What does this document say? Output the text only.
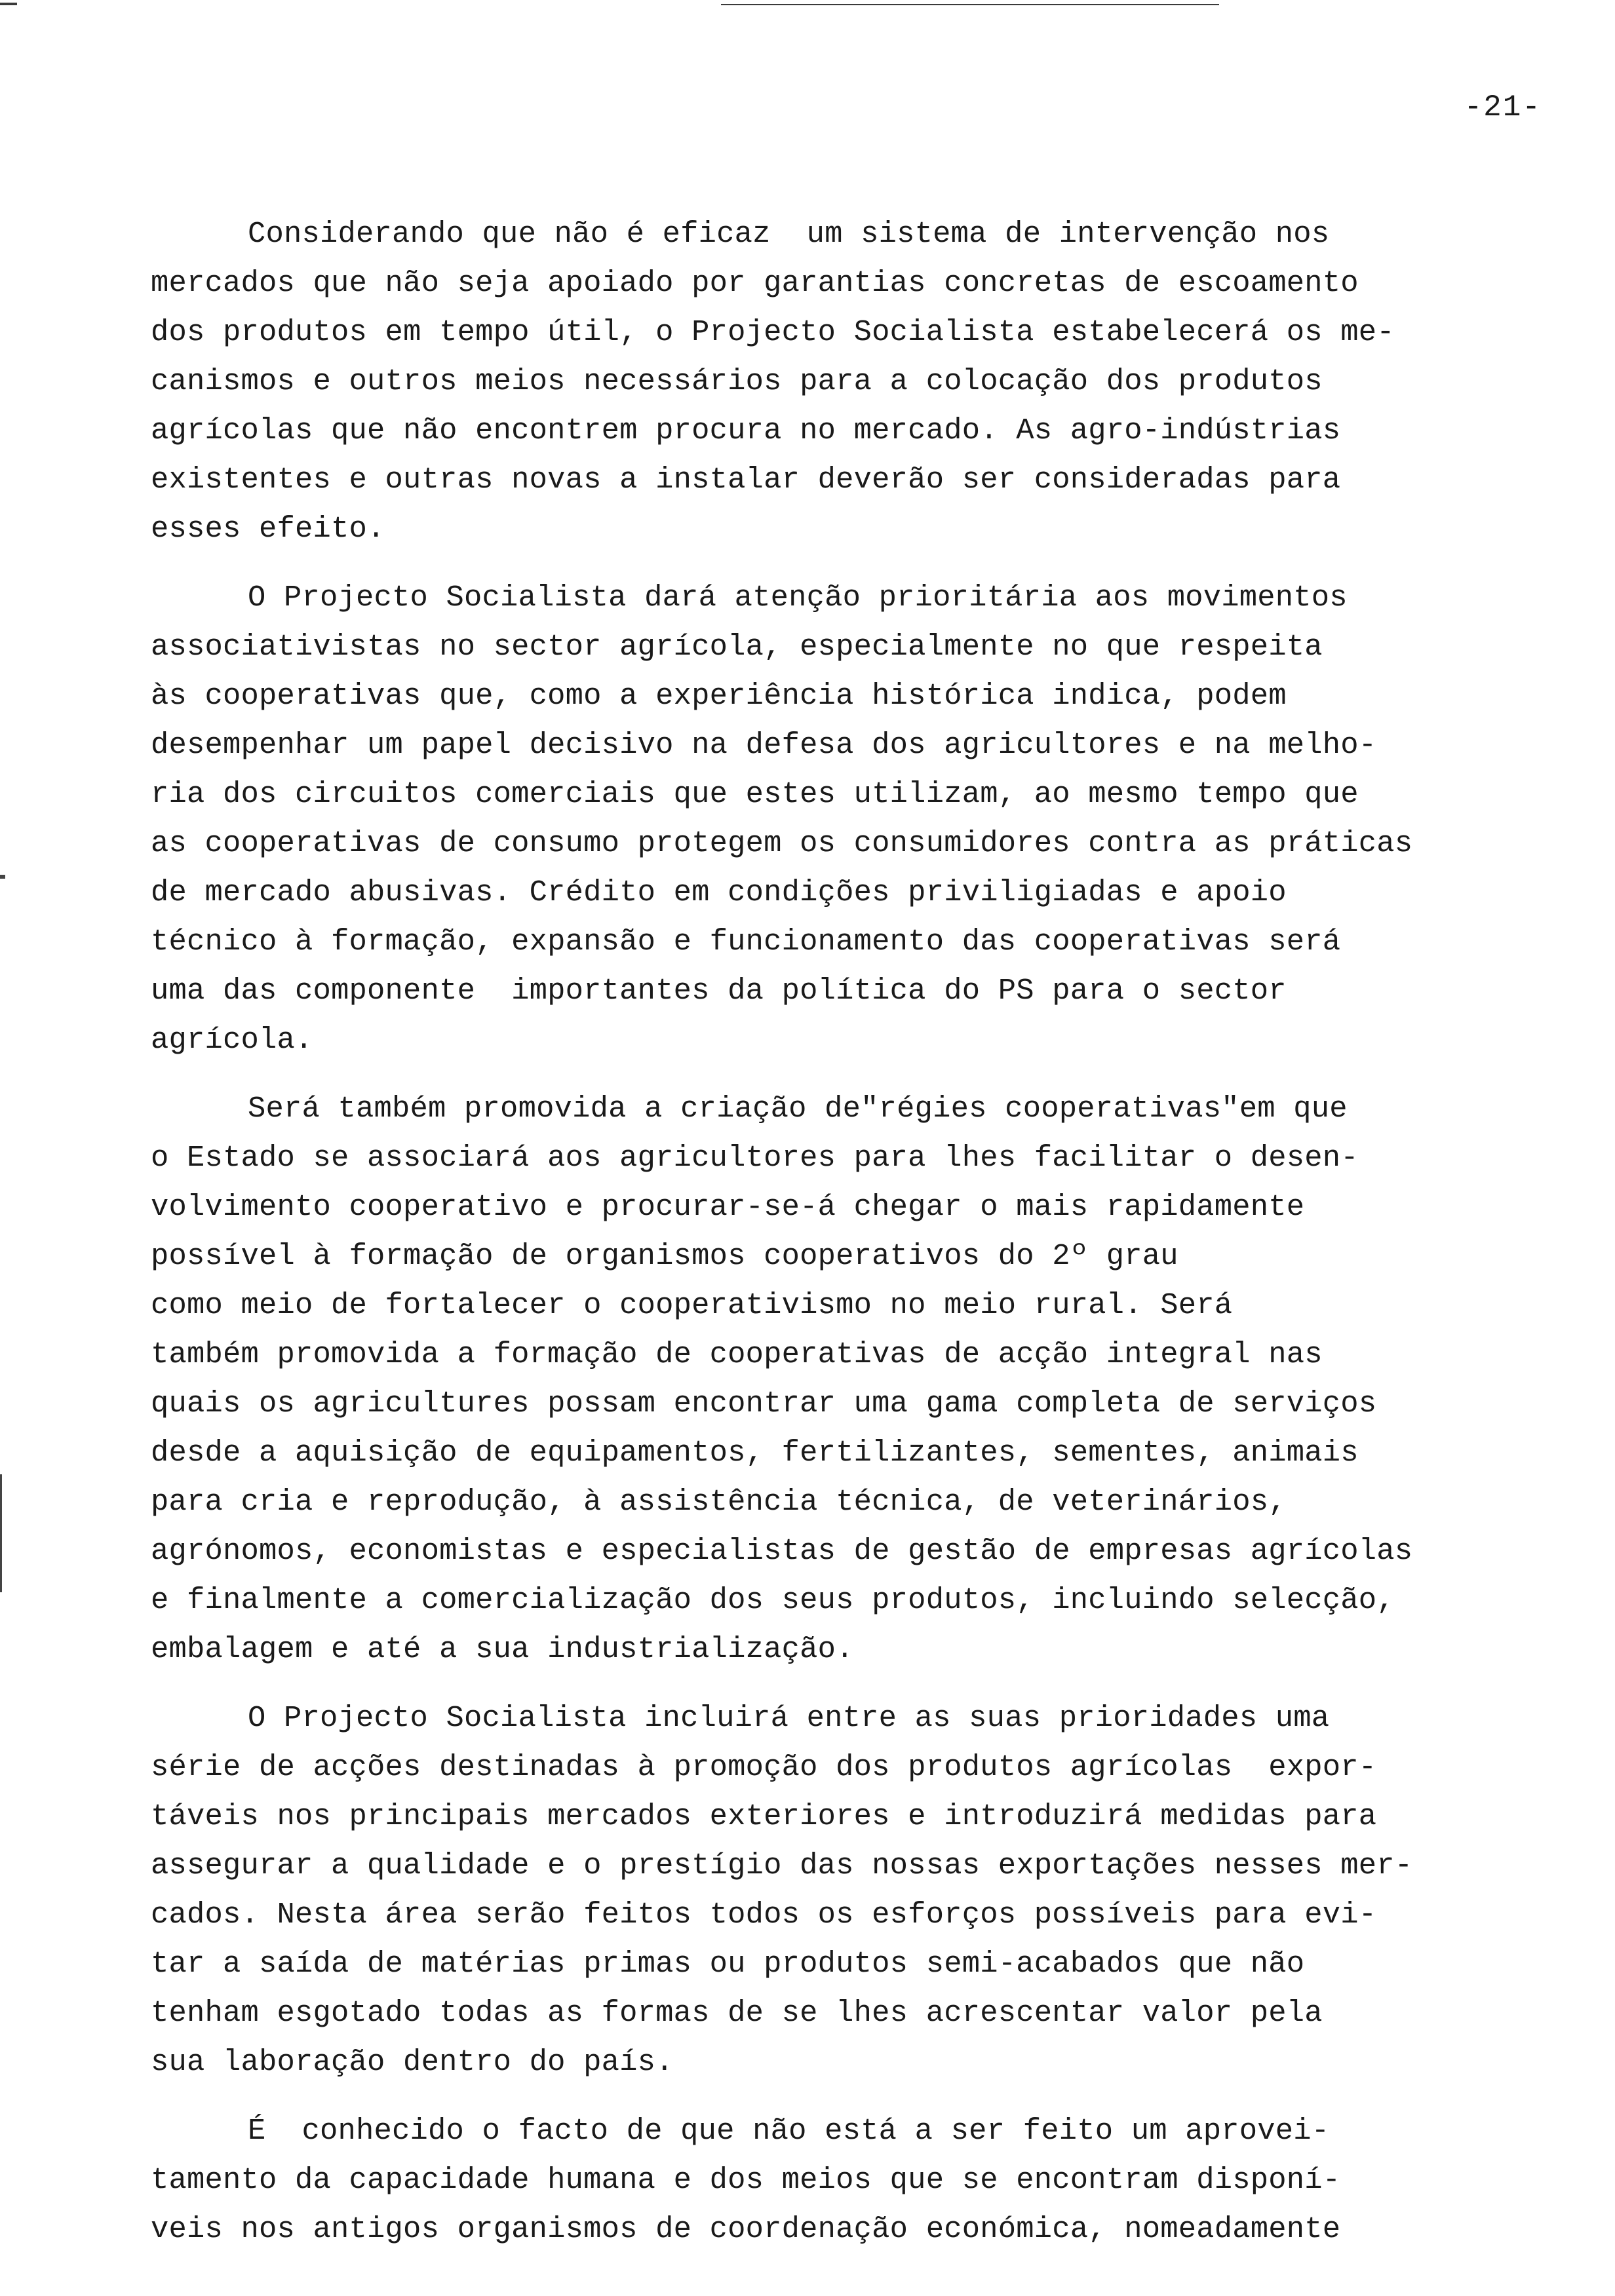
-21-
Considerando que não é eficaz  um sistema de intervenção nos
mercados que não seja apoiado por garantias concretas de escoamento
dos produtos em tempo útil, o Projecto Socialista estabelecerá os me-
canismos e outros meios necessários para a colocação dos produtos
agrícolas que não encontrem procura no mercado. As agro-indústrias
existentes e outras novas a instalar deverão ser consideradas para
esses efeito.
O Projecto Socialista dará atenção prioritária aos movimentos
associativistas no sector agrícola, especialmente no que respeita
às cooperativas que, como a experiência histórica indica, podem
desempenhar um papel decisivo na defesa dos agricultores e na melho-
ria dos circuitos comerciais que estes utilizam, ao mesmo tempo que
as cooperativas de consumo protegem os consumidores contra as práticas
de mercado abusivas. Crédito em condições priviligiadas e apoio
técnico à formação, expansão e funcionamento das cooperativas será
uma das componente  importantes da política do PS para o sector
agrícola.
Será também promovida a criação de"régies cooperativas"em que
o Estado se associará aos agricultores para lhes facilitar o desen-
volvimento cooperativo e procurar-se-á chegar o mais rapidamente
possível à formação de organismos cooperativos do 2º grau
como meio de fortalecer o cooperativismo no meio rural. Será
também promovida a formação de cooperativas de acção integral nas
quais os agricultures possam encontrar uma gama completa de serviços
desde a aquisição de equipamentos, fertilizantes, sementes, animais
para cria e reprodução, à assistência técnica, de veterinários,
agrónomos, economistas e especialistas de gestão de empresas agrícolas
e finalmente a comercialização dos seus produtos, incluindo selecção,
embalagem e até a sua industrialização.
O Projecto Socialista incluirá entre as suas prioridades uma
série de acções destinadas à promoção dos produtos agrícolas  expor-
táveis nos principais mercados exteriores e introduzirá medidas para
assegurar a qualidade e o prestígio das nossas exportações nesses mer-
cados. Nesta área serão feitos todos os esforços possíveis para evi-
tar a saída de matérias primas ou produtos semi-acabados que não
tenham esgotado todas as formas de se lhes acrescentar valor pela
sua laboração dentro do país.
É  conhecido o facto de que não está a ser feito um aprovei-
tamento da capacidade humana e dos meios que se encontram disponí-
veis nos antigos organismos de coordenação económica, nomeadamente
